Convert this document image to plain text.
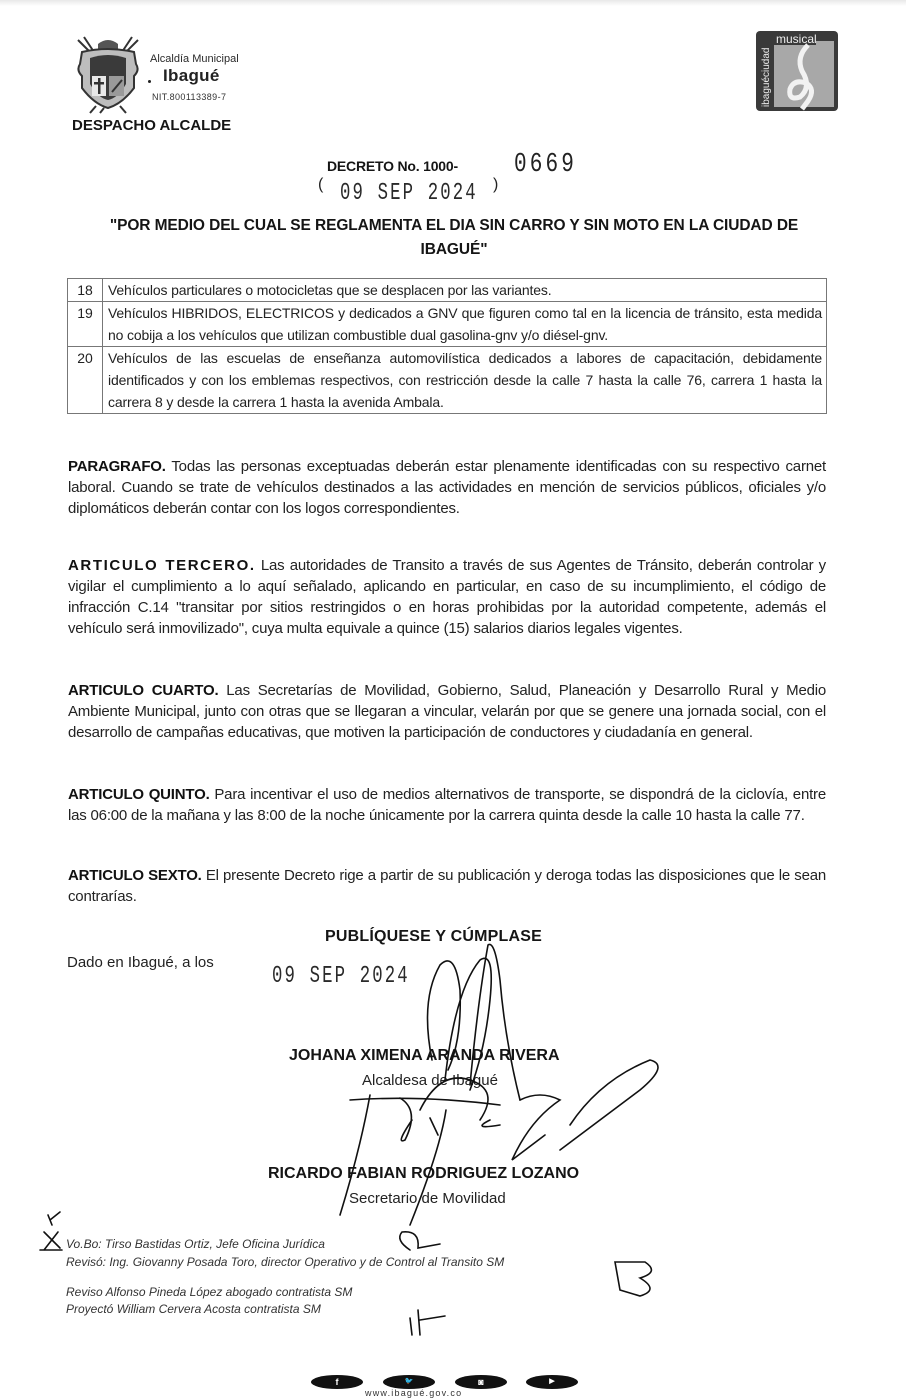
Alcaldía Municipal
Ibagué
NIT.800113389-7
DESPACHO ALCALDE
musical
ibaguéciudad
DECRETO No. 1000- 0669
( 09 SEP 2024 )
"POR MEDIO DEL CUAL SE REGLAMENTA EL DIA SIN CARRO Y SIN MOTO EN LA CIUDAD DE IBAGUÉ"
18	Vehículos particulares o motocicletas que se desplacen por las variantes.
19	Vehículos HIBRIDOS, ELECTRICOS y dedicados a GNV que figuren como tal en la licencia de tránsito, esta medida no cobija a los vehículos que utilizan combustible dual gasolina-gnv y/o diésel-gnv.
20	Vehículos de las escuelas de enseñanza automovilística dedicados a labores de capacitación, debidamente identificados y con los emblemas respectivos, con restricción desde la calle 7 hasta la calle 76, carrera 1 hasta la carrera 8 y desde la carrera 1 hasta la avenida Ambala.
PARAGRAFO. Todas las personas exceptuadas deberán estar plenamente identificadas con su respectivo carnet laboral. Cuando se trate de vehículos destinados a las actividades en mención de servicios públicos, oficiales y/o diplomáticos deberán contar con los logos correspondientes.
ARTICULO TERCERO. Las autoridades de Transito a través de sus Agentes de Tránsito, deberán controlar y vigilar el cumplimiento a lo aquí señalado, aplicando en particular, en caso de su incumplimiento, el código de infracción C.14 "transitar por sitios restringidos o en horas prohibidas por la autoridad competente, además el vehículo será inmovilizado", cuya multa equivale a quince (15) salarios diarios legales vigentes.
ARTICULO CUARTO. Las Secretarías de Movilidad, Gobierno, Salud, Planeación y Desarrollo Rural y Medio Ambiente Municipal, junto con otras que se llegaran a vincular, velarán por que se genere una jornada social, con el desarrollo de campañas educativas, que motiven la participación de conductores y ciudadanía en general.
ARTICULO QUINTO. Para incentivar el uso de medios alternativos de transporte, se dispondrá de la ciclovía, entre las 06:00 de la mañana y las 8:00 de la noche únicamente por la carrera quinta desde la calle 10 hasta la calle 77.
ARTICULO SEXTO. El presente Decreto rige a partir de su publicación y deroga todas las disposiciones que le sean contrarías.
PUBLÍQUESE Y CÚMPLASE
Dado en Ibagué, a los
09 SEP 2024
JOHANA XIMENA ARANDA RIVERA
Alcaldesa de Ibagué
RICARDO FABIAN RODRIGUEZ LOZANO
Secretario de Movilidad
Vo.Bo: Tirso Bastidas Ortiz, Jefe Oficina Jurídica
Revisó: Ing. Giovanny Posada Toro, director Operativo y de Control al Transito SM
Reviso Alfonso Pineda López abogado contratista SM
Proyectó William Cervera Acosta contratista SM
f	🐦	◙	▶
www.ibagué.gov.co
